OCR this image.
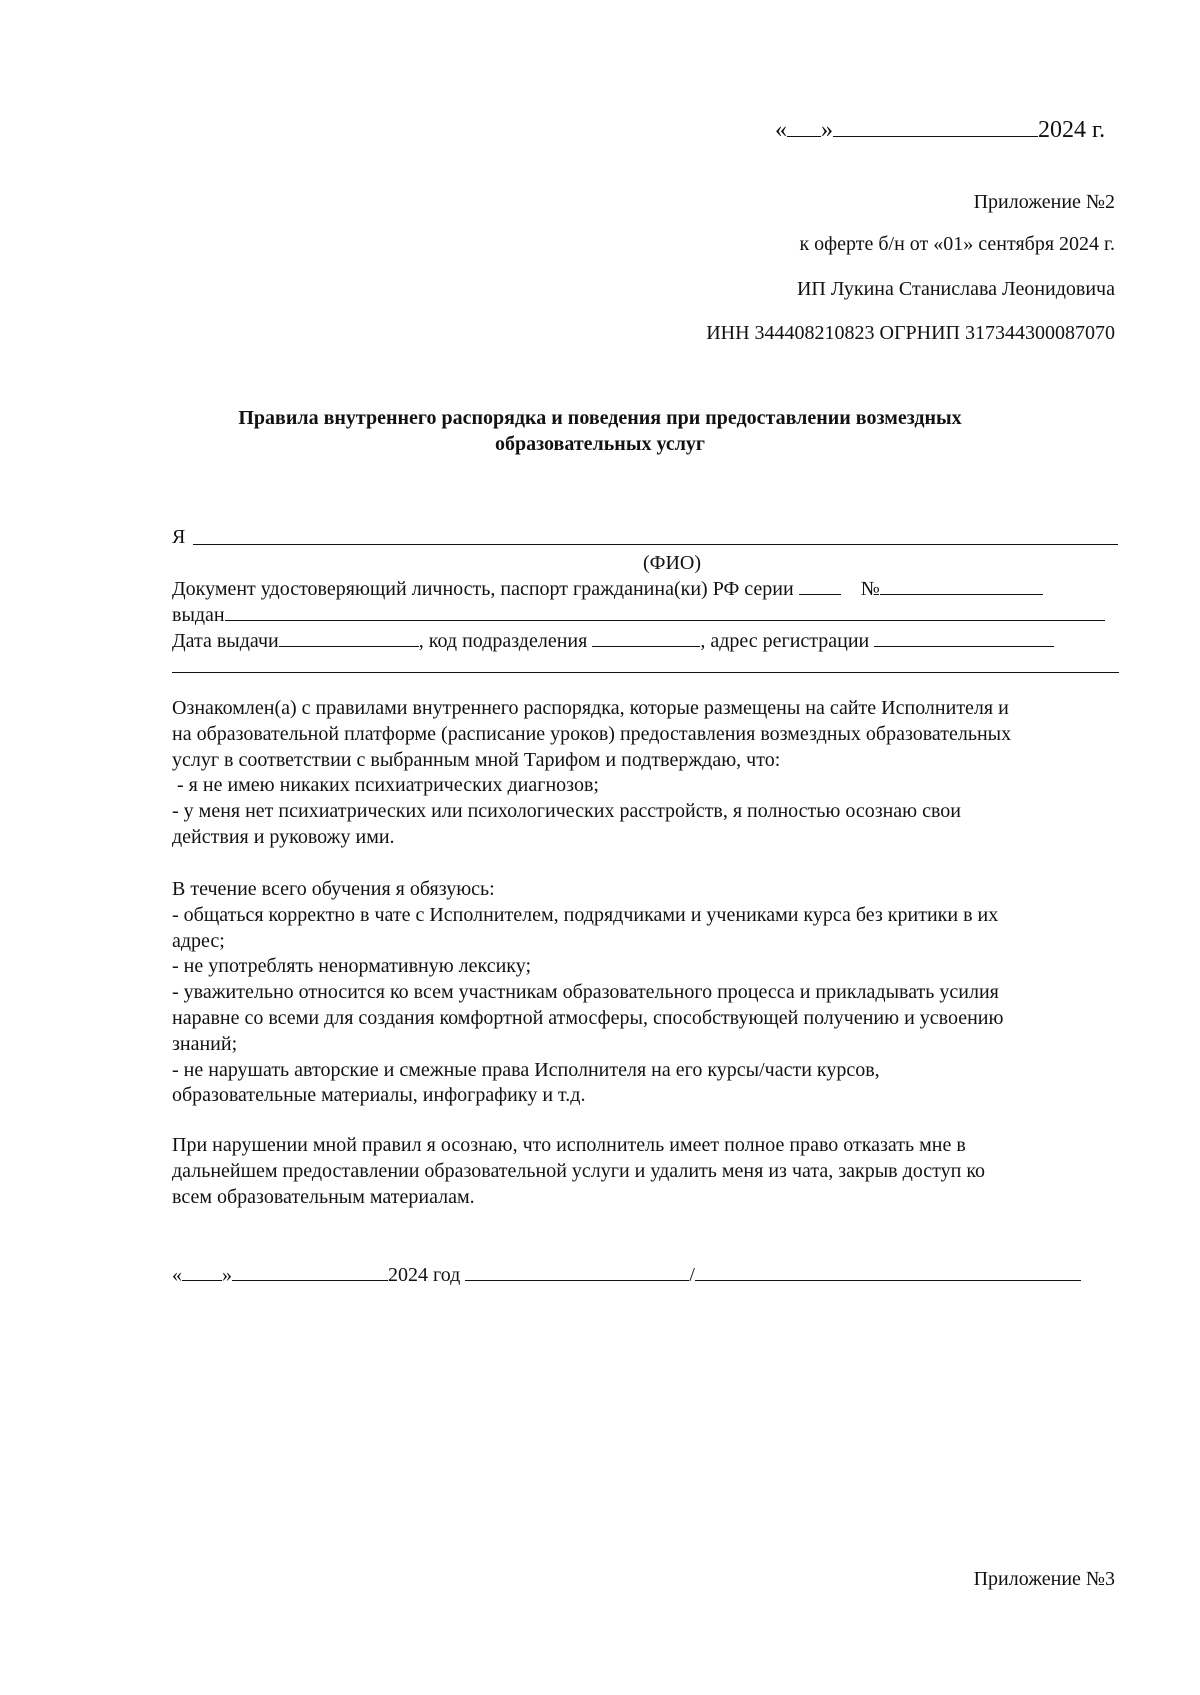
« »	2024 г.
Приложение №2
к оферте б/н от «01» сентября 2024 г.
ИП Лукина Станислава Леонидовича
ИНН 344408210823 ОГРНИП 317344300087070
Правила внутреннего распорядка и поведения при предоставлении возмездных
образовательных услуг
Я
(ФИО)
Документ удостоверяющий личность, паспорт гражданина(ки) РФ серии	№
выдан
Дата выдачи	, код подразделения	, адрес регистрации

Ознакомлен(а) с правилами внутреннего распорядка, которые размещены на сайте Исполнителя и

на образовательной платформе (расписание уроков) предоставления возмездных образовательных

услуг в соответствии с выбранным мной Тарифом и подтверждаю, что:

- я не имею никаких психиатрических диагнозов;

- у меня нет психиатрических или психологических расстройств, я полностью осознаю свои

действия и руковожу ими.

В течение всего обучения я обязуюсь:

- общаться корректно в чате с Исполнителем, подрядчиками и учениками курса без критики в их

адрес;

- не употреблять ненормативную лексику;

- уважительно относится ко всем участникам образовательного процесса и прикладывать усилия

наравне со всеми для создания комфортной атмосферы, способствующей получению и усвоению

знаний;

- не нарушать авторские и смежные права Исполнителя на его курсы/части курсов,

образовательные материалы, инфографику и т.д.

При нарушении мной правил я осознаю, что исполнитель имеет полное право отказать мне в

дальнейшем предоставлении образовательной услуги и удалить меня из чата, закрыв доступ ко

всем образовательным материалам.

« »	2024 год	/
Приложение №3
